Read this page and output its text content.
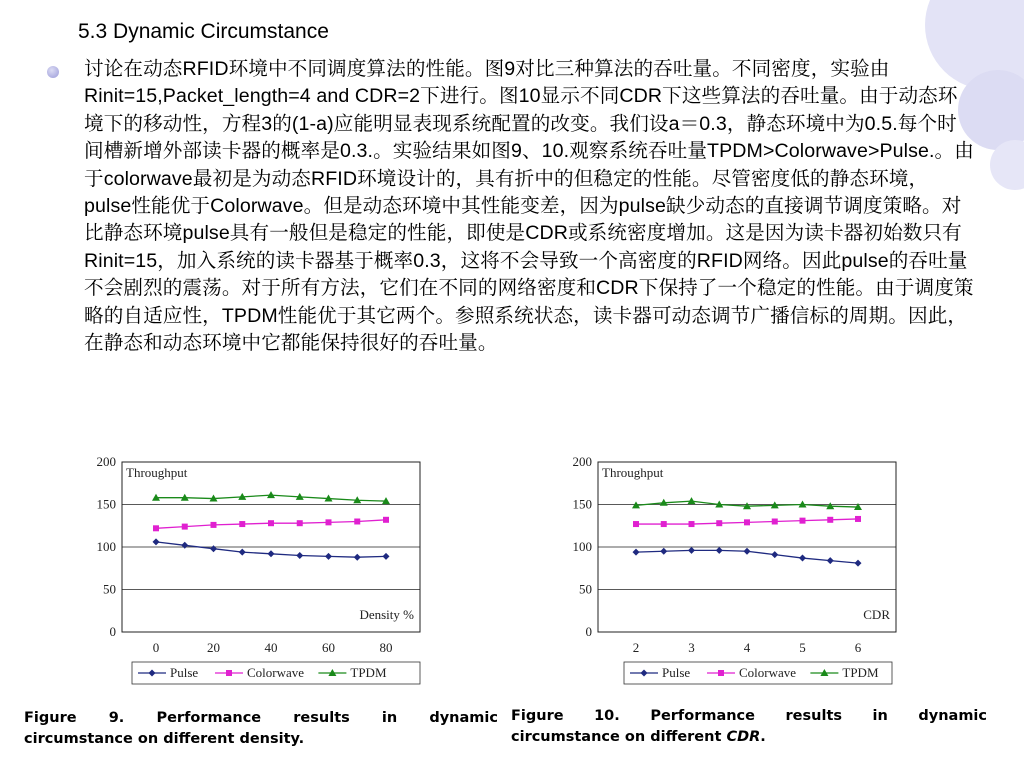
5.3 Dynamic Circumstance
讨论在动态RFID环境中不同调度算法的性能。图9对比三种算法的吞吐量。不同密度，实验由Rinit=15,Packet_length=4 and CDR=2下进行。图10显示不同CDR下这些算法的吞吐量。由于动态环境下的移动性，方程3的(1-a)应能明显表现系统配置的改变。我们设a＝0.3，静态环境中为0.5.每个时间槽新增外部读卡器的概率是0.3.。实验结果如图9、10.观察系统吞吐量TPDM>Colorwave>Pulse.。由于colorwave最初是为动态RFID环境设计的，具有折中的但稳定的性能。尽管密度低的静态环境，pulse性能优于Colorwave。但是动态环境中其性能变差，因为pulse缺少动态的直接调节调度策略。对比静态环境pulse具有一般但是稳定的性能，即使是CDR或系统密度增加。这是因为读卡器初始数只有Rinit=15，加入系统的读卡器基于概率0.3，这将不会导致一个高密度的RFID网络。因此pulse的吞吐量不会剧烈的震荡。对于所有方法，它们在不同的网络密度和CDR下保持了一个稳定的性能。由于调度策略的自适应性，TPDM性能优于其它两个。参照系统状态，读卡器可动态调节广播信标的周期。因此，在静态和动态环境中它都能保持很好的吞吐量。
0
50
100
150
200
0	20	40	60	80
Throughput
Density %
Pulse	Colorwave	TPDM
0
50
100
150
200
2	3	4	5	6
Throughput
CDR
Pulse	Colorwave	TPDM
Figure 9. Performance results in dynamic
circumstance on different density.
Figure 10. Performance results in dynamic
circumstance on different CDR.
